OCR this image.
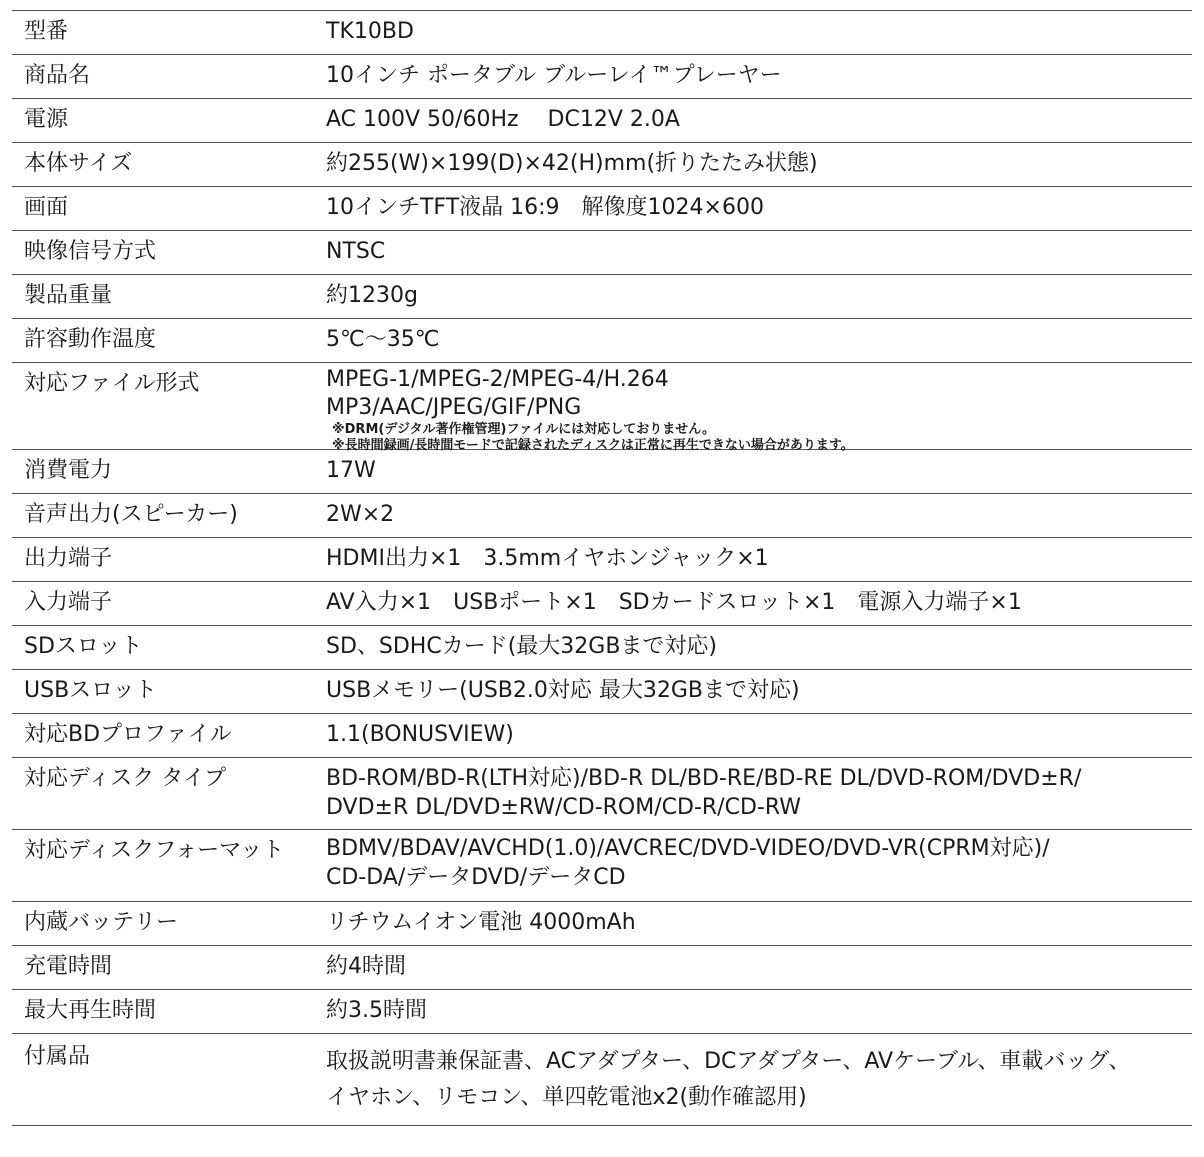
型番	TK10BD
商品名	10インチ ポータブル ブルーレイ™プレーヤー
電源	AC 100V 50/60Hz　 DC12V 2.0A
本体サイズ	約255(W)×199(D)×42(H)mm(折りたたみ状態)
画面	10インチTFT液晶 16:9　解像度1024×600
映像信号方式	NTSC
製品重量	約1230g
許容動作温度	5℃〜35℃
対応ファイル形式	MPEG-1/MPEG-2/MPEG-4/H.264
MP3/AAC/JPEG/GIF/PNG
※DRM(デジタル著作権管理)ファイルには対応しておりません。
※長時間録画/長時間モードで記録されたディスクは正常に再生できない場合があります。
消費電力	17W
音声出力(スピーカー)	2W×2
出力端子	HDMI出力×1　3.5mmイヤホンジャック×1
入力端子	AV入力×1　USBポート×1　SDカードスロット×1　電源入力端子×1
SDスロット	SD、SDHCカード(最大32GBまで対応)
USBスロット	USBメモリー(USB2.0対応 最大32GBまで対応)
対応BDプロファイル	1.1(BONUSVIEW)
対応ディスク タイプ	BD-ROM/BD-R(LTH対応)/BD-R DL/BD-RE/BD-RE DL/DVD-ROM/DVD±R/
DVD±R DL/DVD±RW/CD-ROM/CD-R/CD-RW
対応ディスクフォーマット	BDMV/BDAV/AVCHD(1.0)/AVCREC/DVD-VIDEO/DVD-VR(CPRM対応)/
CD-DA/データDVD/データCD
内蔵バッテリー	リチウムイオン電池 4000mAh
充電時間	約4時間
最大再生時間	約3.5時間
付属品	取扱説明書兼保証書、ACアダプター、DCアダプター、AVケーブル、車載バッグ、
イヤホン、リモコン、単四乾電池x2(動作確認用)
